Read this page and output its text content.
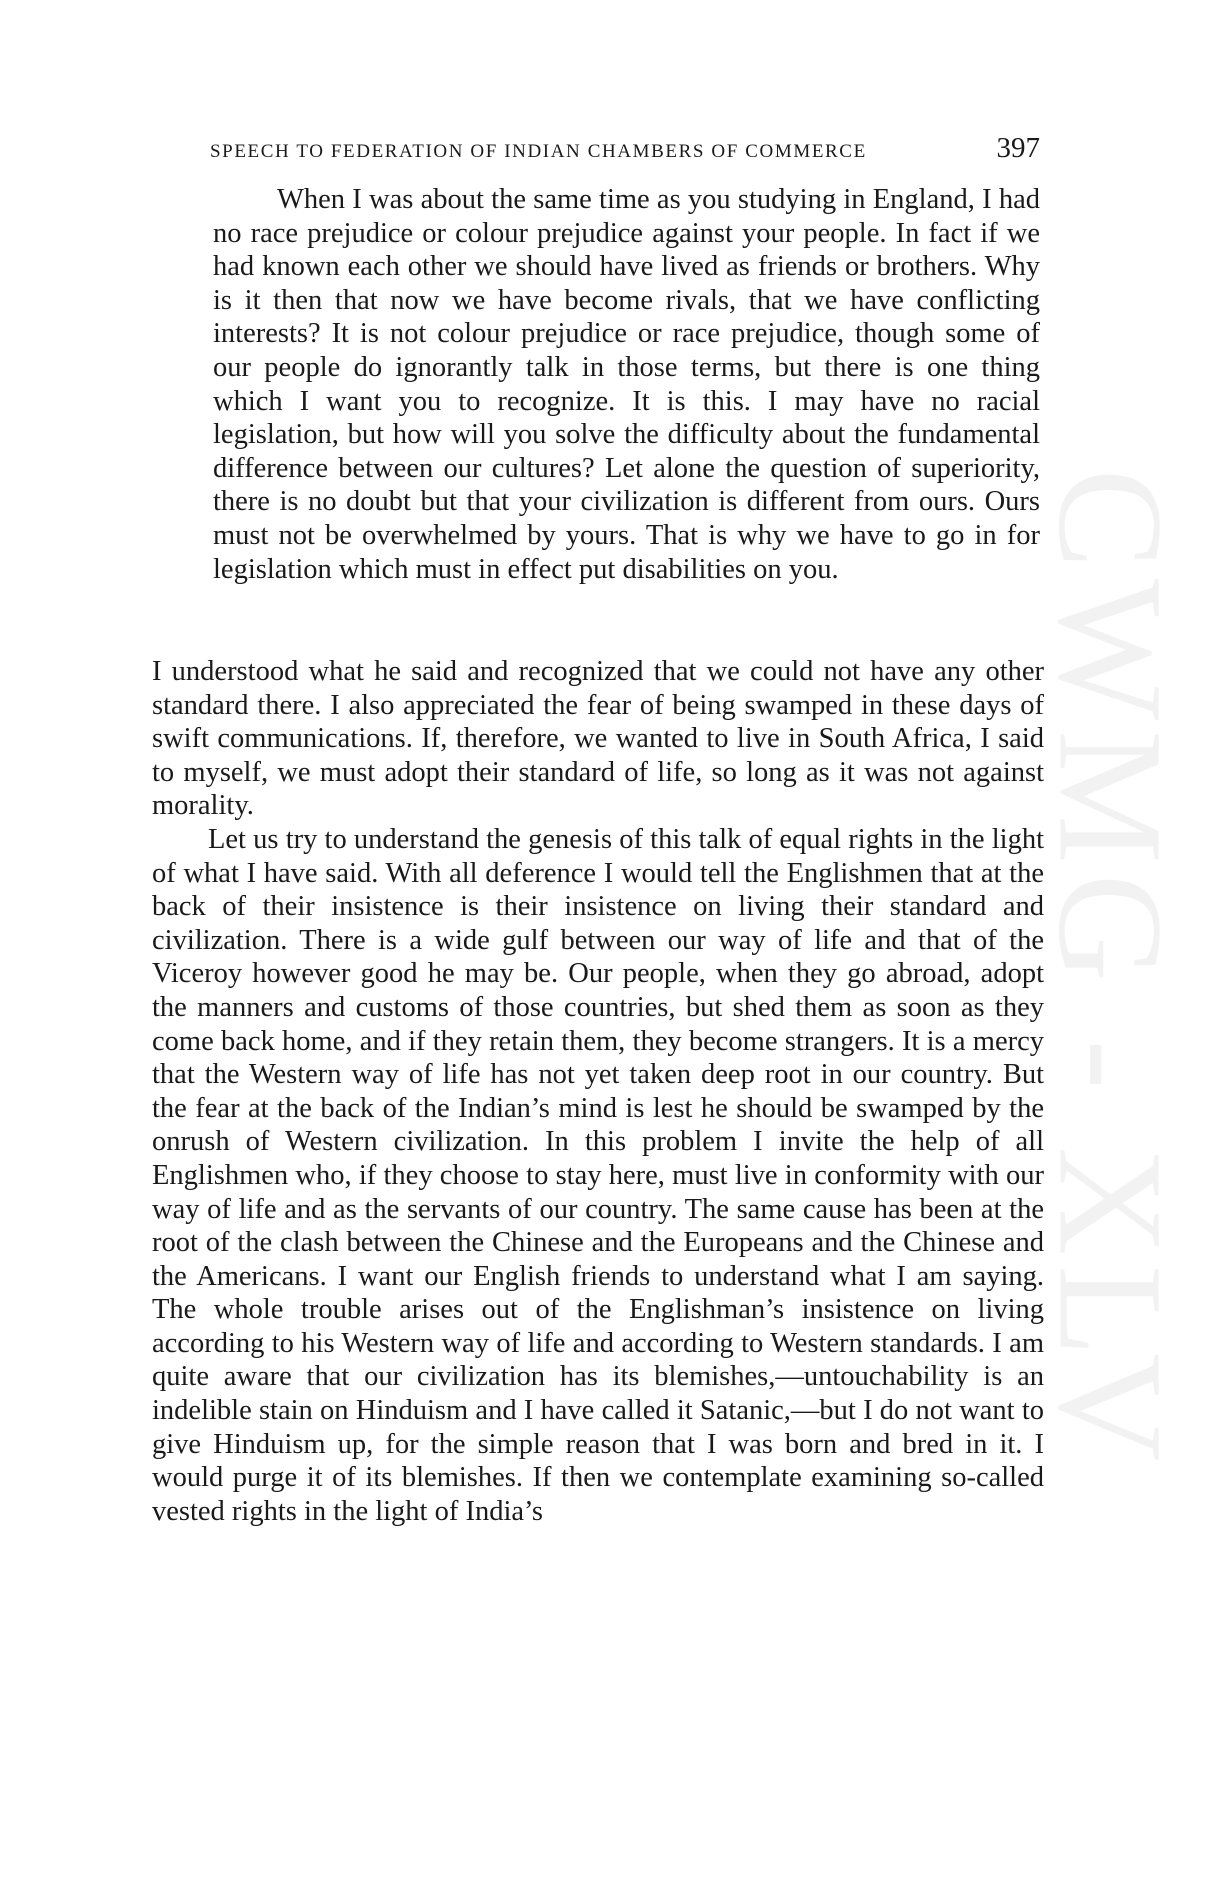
SPEECH TO FEDERATION OF INDIAN CHAMBERS OF COMMERCE	397
CWMG - XLV

When I was about the same time as you studying in England, I had no race prejudice or colour prejudice against your people. In fact if we had known each other we should have lived as friends or brothers. Why is it then that now we have become rivals, that we have conflicting interests? It is not colour prejudice or race prejudice, though some of our people do ignorantly talk in those terms, but there is one thing which I want you to recognize. It is this. I may have no racial legislation, but how will you solve the difficulty about the fundamental difference between our cultures? Let alone the question of superiority, there is no doubt but that your civilization is different from ours. Ours must not be overwhelmed by yours. That is why we have to go in for legislation which must in effect put disabilities on you.

I understood what he said and recognized that we could not have any other standard there. I also appreciated the fear of being swamped in these days of swift communications. If, therefore, we wanted to live in South Africa, I said to myself, we must adopt their standard of life, so long as it was not against morality.

Let us try to understand the genesis of this talk of equal rights in the light of what I have said. With all deference I would tell the Englishmen that at the back of their insistence is their insistence on living their standard and civilization. There is a wide gulf between our way of life and that of the Viceroy however good he may be. Our people, when they go abroad, adopt the manners and customs of those countries, but shed them as soon as they come back home, and if they retain them, they become strangers. It is a mercy that the Western way of life has not yet taken deep root in our country. But the fear at the back of the Indian’s mind is lest he should be swamped by the onrush of Western civilization. In this problem I invite the help of all Englishmen who, if they choose to stay here, must live in conformity with our way of life and as the servants of our country. The same cause has been at the root of the clash between the Chinese and the Europeans and the Chinese and the Americans. I want our English friends to understand what I am saying. The whole trouble arises out of the Englishman’s insistence on living according to his Western way of life and according to Western standards. I am quite aware that our civilization has its blemishes,—untouchability is an indelible stain on Hinduism and I have called it Satanic,—but I do not want to give Hinduism up, for the simple reason that I was born and bred in it. I would purge it of its blemishes. If then we contemplate examining so-called vested rights in the light of India’s
